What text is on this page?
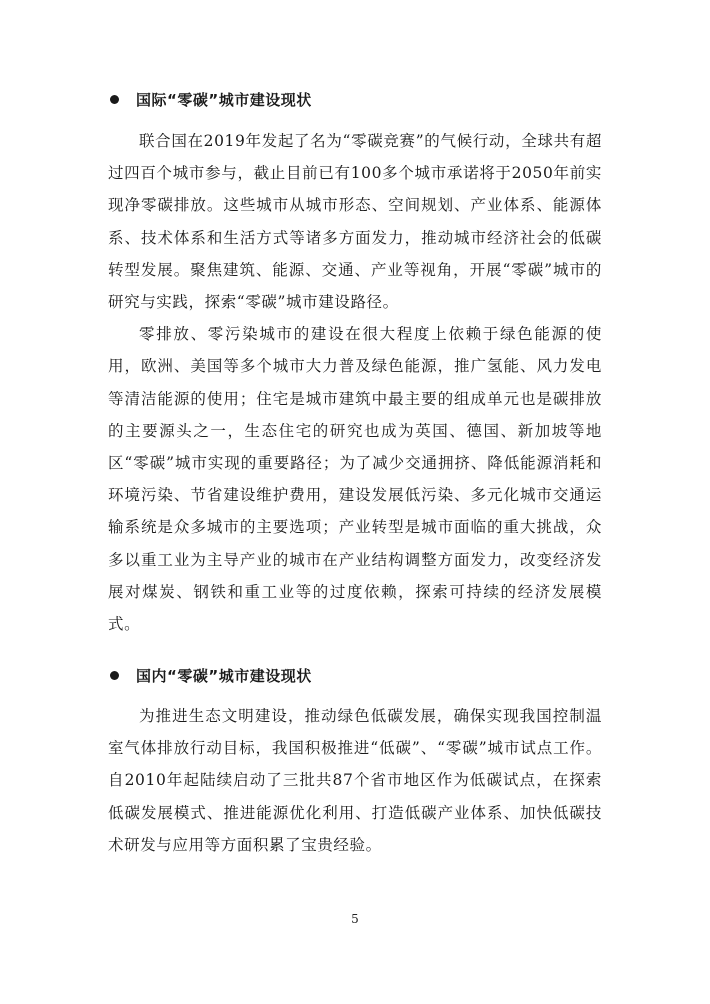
国际“零碳”城市建设现状

联合国在2019年发起了名为“零碳竞赛”的气候行动，全球共有超过四百个城市参与，截止目前已有100多个城市承诺将于2050年前实现净零碳排放。这些城市从城市形态、空间规划、产业体系、能源体系、技术体系和生活方式等诸多方面发力，推动城市经济社会的低碳转型发展。聚焦建筑、能源、交通、产业等视角，开展“零碳”城市的研究与实践，探索“零碳”城市建设路径。

零排放、零污染城市的建设在很大程度上依赖于绿色能源的使用，欧洲、美国等多个城市大力普及绿色能源，推广氢能、风力发电等清洁能源的使用；住宅是城市建筑中最主要的组成单元也是碳排放的主要源头之一，生态住宅的研究也成为英国、德国、新加坡等地区“零碳”城市实现的重要路径；为了减少交通拥挤、降低能源消耗和环境污染、节省建设维护费用，建设发展低污染、多元化城市交通运输系统是众多城市的主要选项；产业转型是城市面临的重大挑战，众多以重工业为主导产业的城市在产业结构调整方面发力，改变经济发展对煤炭、钢铁和重工业等的过度依赖，探索可持续的经济发展模式。

国内“零碳”城市建设现状

为推进生态文明建设，推动绿色低碳发展，确保实现我国控制温室气体排放行动目标，我国积极推进“低碳”、“零碳”城市试点工作。自2010年起陆续启动了三批共87个省市地区作为低碳试点，在探索低碳发展模式、推进能源优化利用、打造低碳产业体系、加快低碳技术研发与应用等方面积累了宝贵经验。

5
